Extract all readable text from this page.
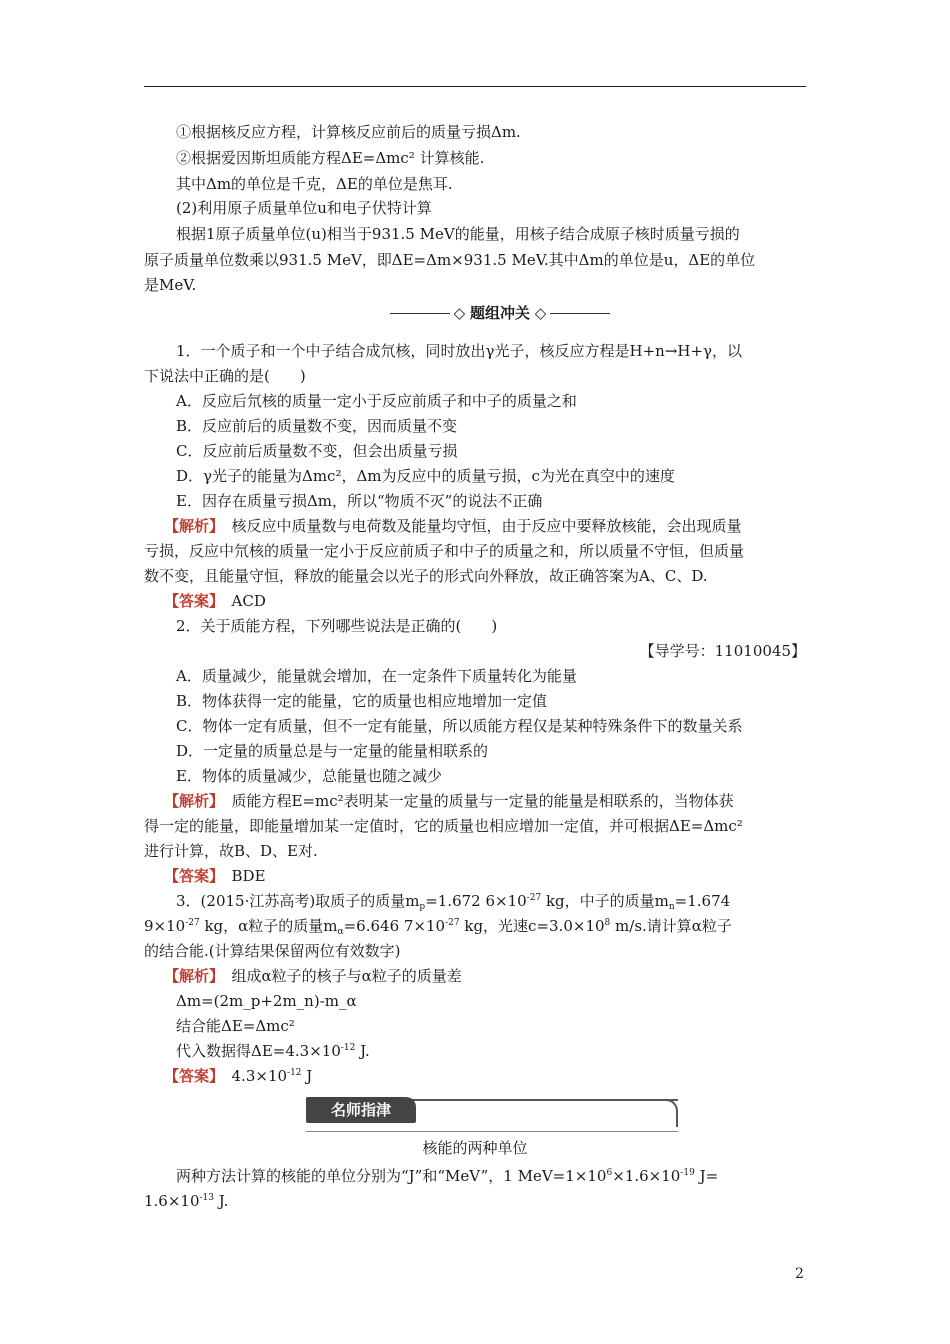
①根据核反应方程，计算核反应前后的质量亏损Δm.
②根据爱因斯坦质能方程ΔE=Δmc² 计算核能.
其中Δm的单位是千克，ΔE的单位是焦耳.
(2)利用原子质量单位u和电子伏特计算
根据1原子质量单位(u)相当于931.5 MeV的能量，用核子结合成原子核时质量亏损的
原子质量单位数乘以931.5 MeV，即ΔE=Δm×931.5 MeV.其中Δm的单位是u，ΔE的单位
是MeV.
◇ 题组冲关 ◇
1．一个质子和一个中子结合成氘核，同时放出γ光子，核反应方程是H+n→H+γ，以
下说法中正确的是(　　)
A．反应后氘核的质量一定小于反应前质子和中子的质量之和
B．反应前后的质量数不变，因而质量不变
C．反应前后质量数不变，但会出质量亏损
D．γ光子的能量为Δmc²，Δm为反应中的质量亏损，c为光在真空中的速度
E．因存在质量亏损Δm，所以“物质不灭”的说法不正确
【解析】　核反应中质量数与电荷数及能量均守恒，由于反应中要释放核能，会出现质量
亏损，反应中氘核的质量一定小于反应前质子和中子的质量之和，所以质量不守恒，但质量
数不变，且能量守恒，释放的能量会以光子的形式向外释放，故正确答案为A、C、D.
【答案】　ACD
2．关于质能方程，下列哪些说法是正确的(　　)
【导学号：11010045】
A．质量减少，能量就会增加，在一定条件下质量转化为能量
B．物体获得一定的能量，它的质量也相应地增加一定值
C．物体一定有质量，但不一定有能量，所以质能方程仅是某种特殊条件下的数量关系
D．一定量的质量总是与一定量的能量相联系的
E．物体的质量减少，总能量也随之减少
【解析】　质能方程E=mc²表明某一定量的质量与一定量的能量是相联系的，当物体获
得一定的能量，即能量增加某一定值时，它的质量也相应增加一定值，并可根据ΔE=Δmc²
进行计算，故B、D、E对.
【答案】　BDE
3．(2015·江苏高考)取质子的质量$m_p=1.672$ $6\times 10^{-27}$ kg，中子的质量$m_n=1.674$
$9\times 10^{-27}$ kg，α粒子的质量$m_\alpha=6.646$ $7\times 10^{-27}$ kg，光速$c=3.0\times 10^8$ m/s.请计算α粒子
的结合能.(计算结果保留两位有效数字)
【解析】　组成α粒子的核子与α粒子的质量差
Δm=(2m_p+2m_n)-m_α
结合能ΔE=Δmc²
代入数据得$\Delta E=4.3\times 10^{-12}$ J.
【答案】　$4.3\times 10^{-12}$ J
名师指津
核能的两种单位
两种方法计算的核能的单位分别为“J”和“MeV”，1 $MeV=1\times 10^6\times 1.6\times 10^{-19}$ J=
$1.6\times 10^{-13}$ J.
2
